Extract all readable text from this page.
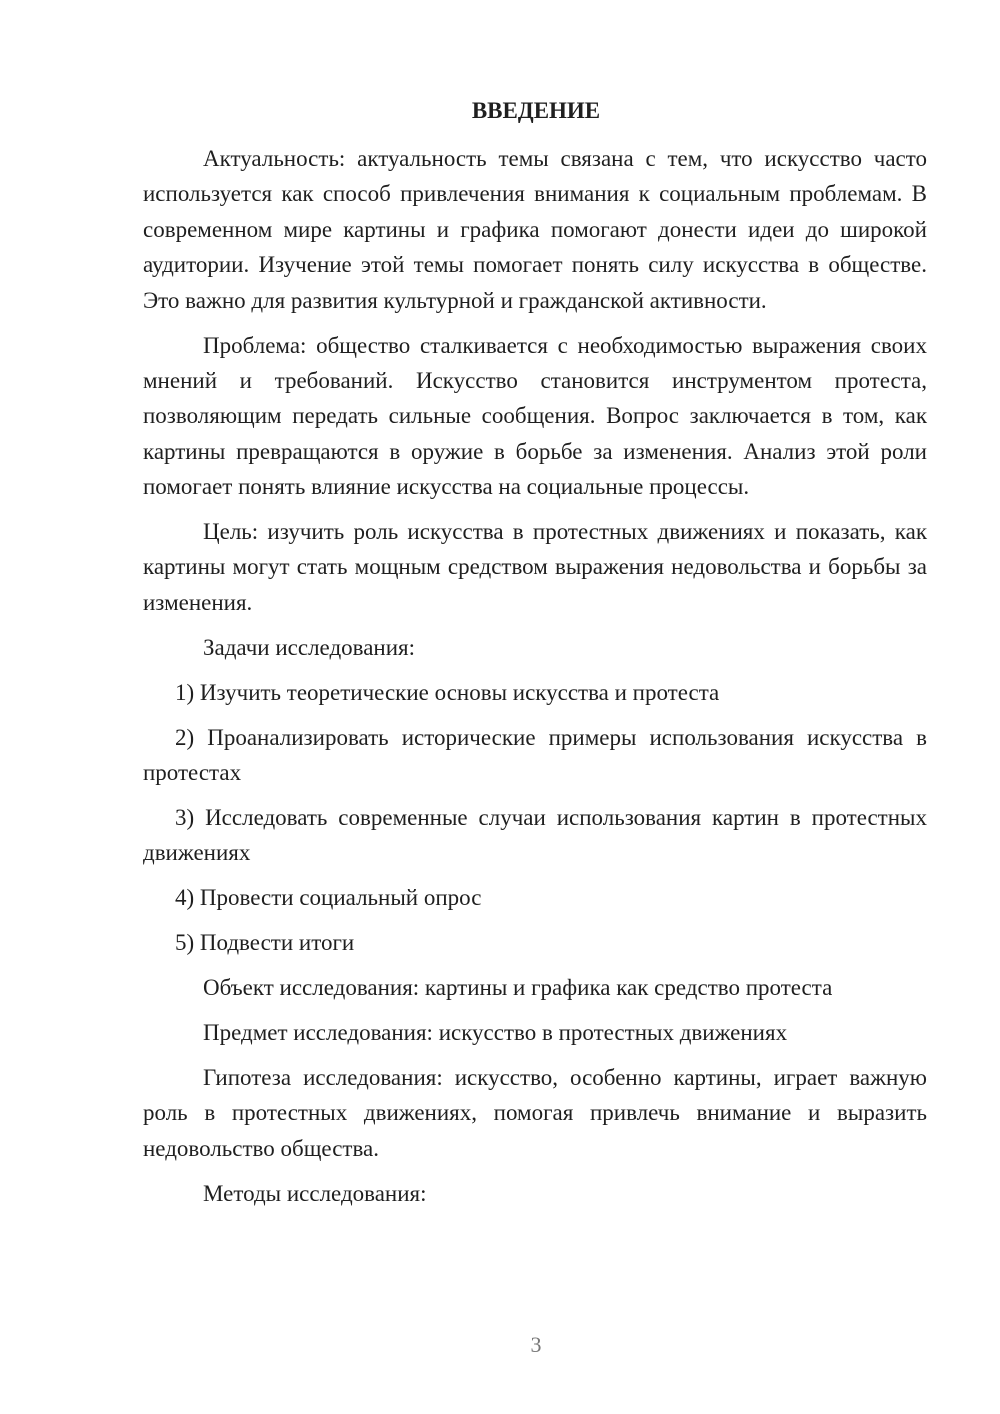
ВВЕДЕНИЕ

Актуальность: актуальность темы связана с тем, что искусство часто используется как способ привлечения внимания к социальным проблемам. В современном мире картины и графика помогают донести идеи до широкой аудитории. Изучение этой темы помогает понять силу искусства в обществе. Это важно для развития культурной и гражданской активности.

Проблема: общество сталкивается с необходимостью выражения своих мнений и требований. Искусство становится инструментом протеста, позволяющим передать сильные сообщения. Вопрос заключается в том, как картины превращаются в оружие в борьбе за изменения. Анализ этой роли помогает понять влияние искусства на социальные процессы.

Цель: изучить роль искусства в протестных движениях и показать, как картины могут стать мощным средством выражения недовольства и борьбы за изменения.

Задачи исследования:

1) Изучить теоретические основы искусства и протеста

2) Проанализировать исторические примеры использования искусства в протестах

3) Исследовать современные случаи использования картин в протестных движениях

4) Провести социальный опрос

5) Подвести итоги

Объект исследования: картины и графика как средство протеста

Предмет исследования: искусство в протестных движениях

Гипотеза исследования: искусство, особенно картины, играет важную роль в протестных движениях, помогая привлечь внимание и выразить недовольство общества.

Методы исследования:

3
